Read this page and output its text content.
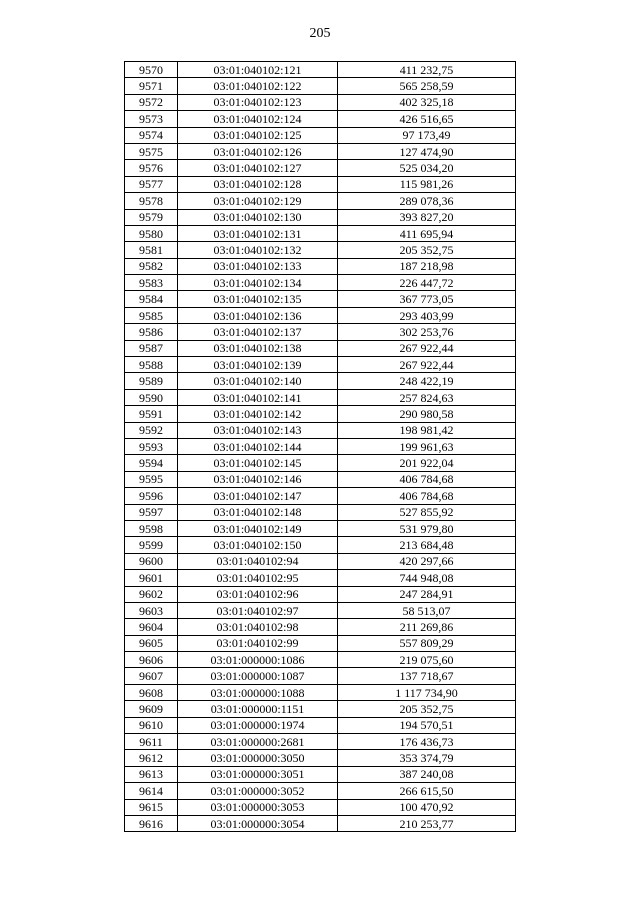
205
9570	03:01:040102:121	411 232,75
9571	03:01:040102:122	565 258,59
9572	03:01:040102:123	402 325,18
9573	03:01:040102:124	426 516,65
9574	03:01:040102:125	97 173,49
9575	03:01:040102:126	127 474,90
9576	03:01:040102:127	525 034,20
9577	03:01:040102:128	115 981,26
9578	03:01:040102:129	289 078,36
9579	03:01:040102:130	393 827,20
9580	03:01:040102:131	411 695,94
9581	03:01:040102:132	205 352,75
9582	03:01:040102:133	187 218,98
9583	03:01:040102:134	226 447,72
9584	03:01:040102:135	367 773,05
9585	03:01:040102:136	293 403,99
9586	03:01:040102:137	302 253,76
9587	03:01:040102:138	267 922,44
9588	03:01:040102:139	267 922,44
9589	03:01:040102:140	248 422,19
9590	03:01:040102:141	257 824,63
9591	03:01:040102:142	290 980,58
9592	03:01:040102:143	198 981,42
9593	03:01:040102:144	199 961,63
9594	03:01:040102:145	201 922,04
9595	03:01:040102:146	406 784,68
9596	03:01:040102:147	406 784,68
9597	03:01:040102:148	527 855,92
9598	03:01:040102:149	531 979,80
9599	03:01:040102:150	213 684,48
9600	03:01:040102:94	420 297,66
9601	03:01:040102:95	744 948,08
9602	03:01:040102:96	247 284,91
9603	03:01:040102:97	58 513,07
9604	03:01:040102:98	211 269,86
9605	03:01:040102:99	557 809,29
9606	03:01:000000:1086	219 075,60
9607	03:01:000000:1087	137 718,67
9608	03:01:000000:1088	1 117 734,90
9609	03:01:000000:1151	205 352,75
9610	03:01:000000:1974	194 570,51
9611	03:01:000000:2681	176 436,73
9612	03:01:000000:3050	353 374,79
9613	03:01:000000:3051	387 240,08
9614	03:01:000000:3052	266 615,50
9615	03:01:000000:3053	100 470,92
9616	03:01:000000:3054	210 253,77
